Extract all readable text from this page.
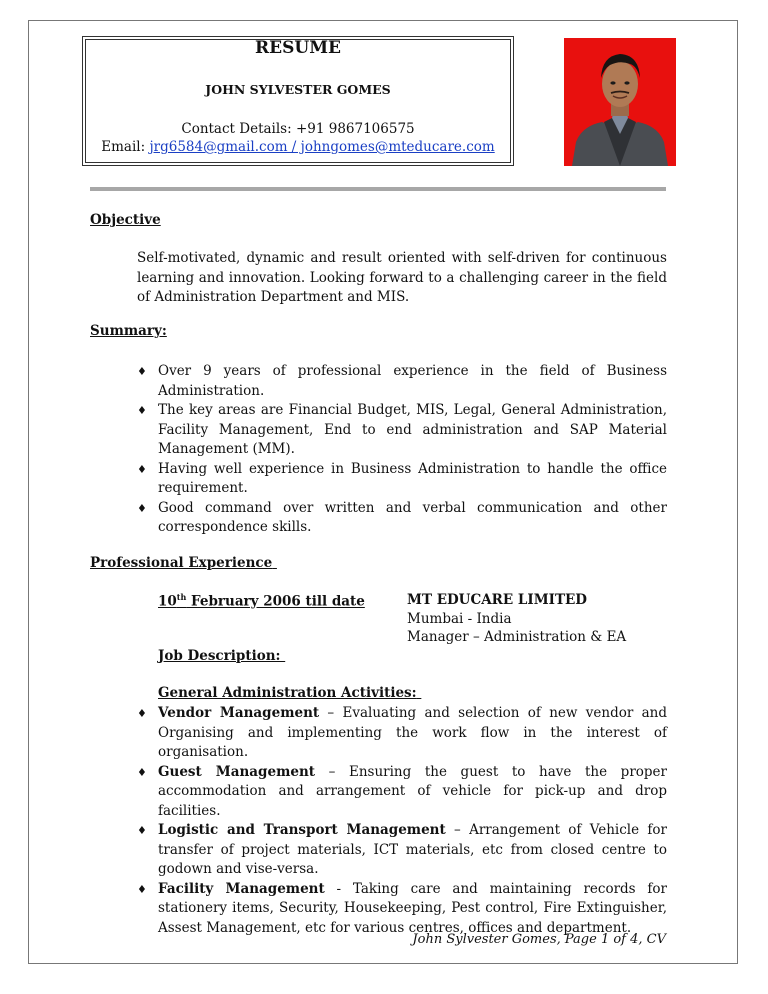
RESUME
JOHN SYLVESTER GOMES
Contact Details: +91 9867106575
Email: jrg6584@gmail.com / johngomes@mteducare.com
Objective
Self-motivated, dynamic and result oriented with self-driven for continuous learning and innovation. Looking forward to a challenging career in the field of Administration Department and MIS.
Summary:
♦ Over 9 years of professional experience in the field of Business Administration.
♦ The key areas are Financial Budget, MIS, Legal, General Administration, Facility Management, End to end administration and SAP Material Management (MM).
♦ Having well experience in Business Administration to handle the office requirement.
♦ Good command over written and verbal communication and other correspondence skills.
Professional Experience
10th February 2006 till date	MT EDUCARE LIMITED
Mumbai - India
Manager – Administration & EA
Job Description:
General Administration Activities:
♦ Vendor Management – Evaluating and selection of new vendor and Organising and implementing the work flow in the interest of organisation.
♦ Guest Management – Ensuring the guest to have the proper accommodation and arrangement of vehicle for pick-up and drop facilities.
♦ Logistic and Transport Management – Arrangement of Vehicle for transfer of project materials, ICT materials, etc from closed centre to godown and vise-versa.
♦ Facility Management - Taking care and maintaining records for stationery items, Security, Housekeeping, Pest control, Fire Extinguisher, Assest Management, etc for various centres, offices and department.
John Sylvester Gomes, Page 1 of 4, CV
